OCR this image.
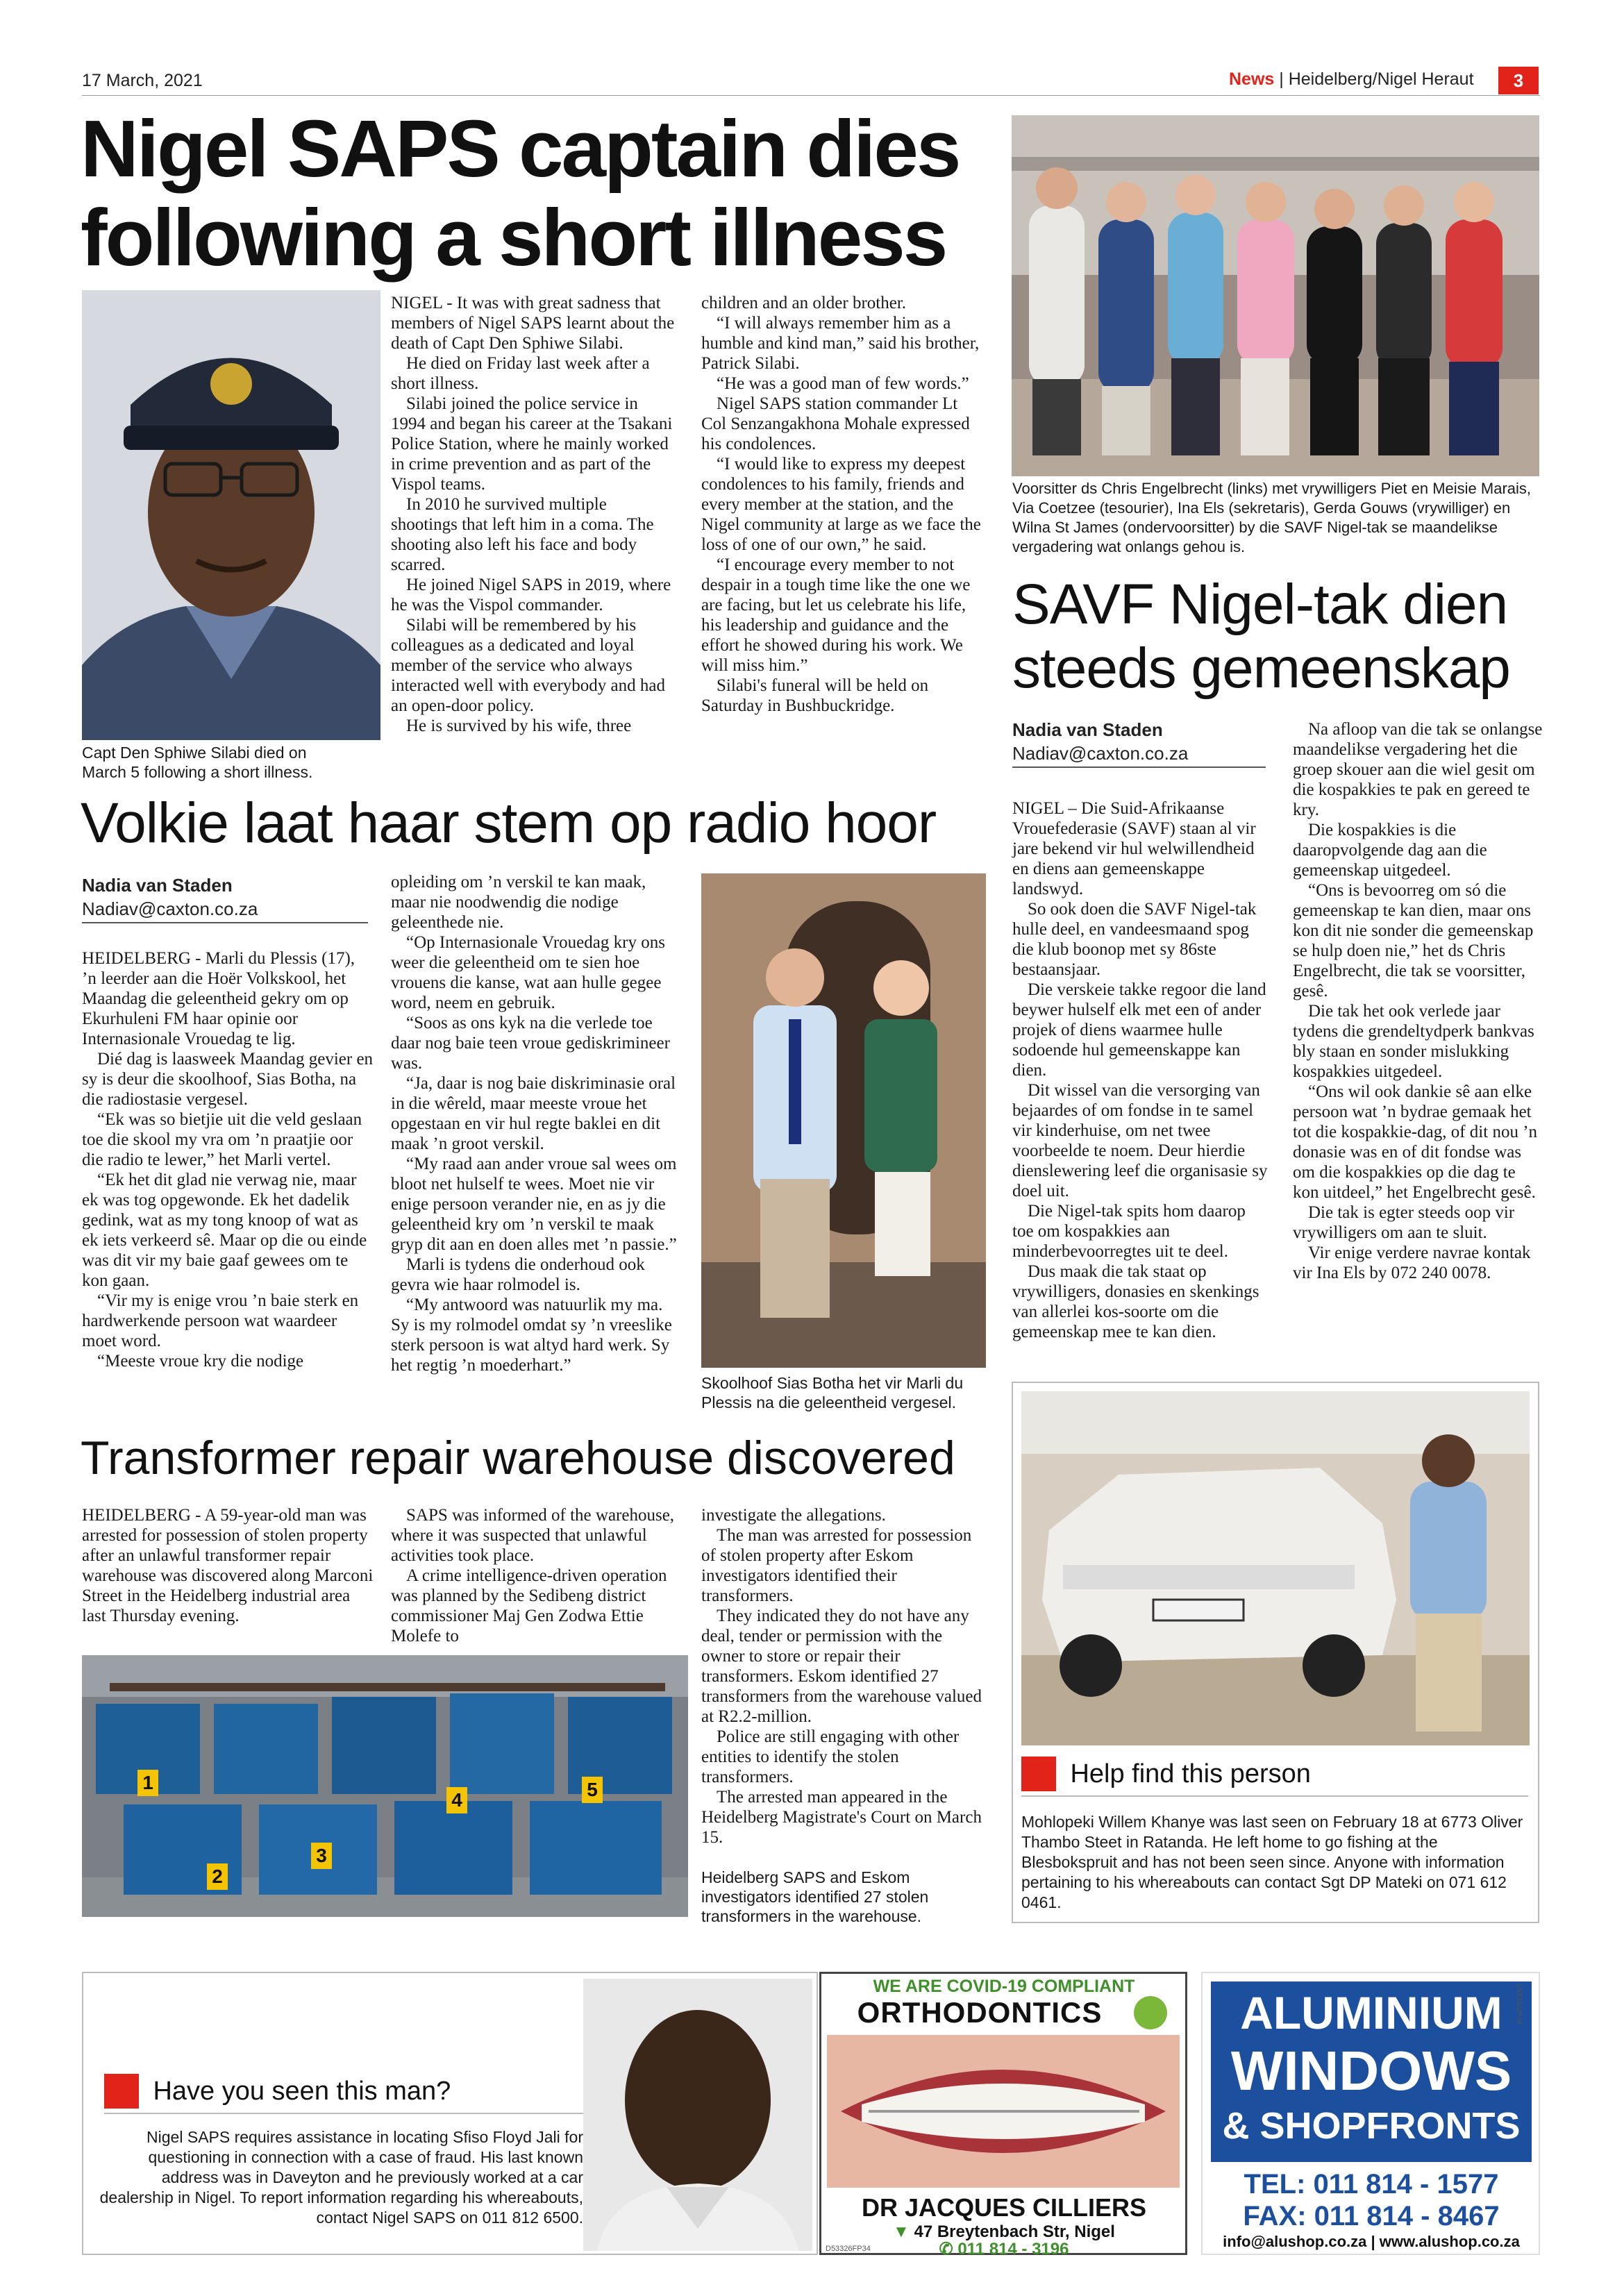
17 March, 2021	News | Heidelberg/Nigel Heraut	3
Nigel SAPS captain dies
following a short illness
Capt Den Sphiwe Silabi died on March 5 following a short illness.

NIGEL - It was with great sadness that members of Nigel SAPS learnt about the death of Capt Den Sphiwe Silabi.

He died on Friday last week after a short illness.

Silabi joined the police service in 1994 and began his career at the Tsakani Police Station, where he mainly worked in crime prevention and as part of the Vispol teams.

In 2010 he survived multiple shootings that left him in a coma. The shooting also left his face and body scarred.

He joined Nigel SAPS in 2019, where he was the Vispol commander.

Silabi will be remembered by his colleagues as a dedicated and loyal member of the service who always interacted well with everybody and had an open-door policy.

He is survived by his wife, three

children and an older brother.

“I will always remember him as a humble and kind man,” said his brother, Patrick Silabi.

“He was a good man of few words.”

Nigel SAPS station commander Lt Col Senzangakhona Mohale expressed his condolences.

“I would like to express my deepest condolences to his family, friends and every member at the station, and the Nigel community at large as we face the loss of one of our own,” he said.

“I encourage every member to not despair in a tough time like the one we are facing, but let us celebrate his life, his leadership and guidance and the effort he showed during his work. We will miss him.”

Silabi's funeral will be held on Saturday in Bushbuckridge.

Voorsitter ds Chris Engelbrecht (links) met vrywilligers Piet en Meisie Marais, Via Coetzee (tesourier), Ina Els (sekretaris), Gerda Gouws (vrywilliger) en Wilna St James (ondervoorsitter) by die SAVF Nigel-tak se maandelikse vergadering wat onlangs gehou is.
SAVF Nigel-tak dien
steeds gemeenskap
Nadia van Staden
Nadiav@caxton.co.za

NIGEL – Die Suid-Afrikaanse Vrouefederasie (SAVF) staan al vir jare bekend vir hul welwillendheid en diens aan gemeenskappe landswyd.

So ook doen die SAVF Nigel-tak hulle deel, en vandeesmaand spog die klub boonop met sy 86ste bestaansjaar.

Die verskeie takke regoor die land beywer hulself elk met een of ander projek of diens waarmee hulle sodoende hul gemeenskappe kan dien.

Dit wissel van die versorging van bejaardes of om fondse in te samel vir kinderhuise, om net twee voorbeelde te noem. Deur hierdie dienslewering leef die organisasie sy doel uit.

Die Nigel-tak spits hom daarop toe om kospakkies aan minderbevoorregtes uit te deel.

Dus maak die tak staat op vrywilligers, donasies en skenkings van allerlei kos-soorte om die gemeenskap mee te kan dien.

Na afloop van die tak se onlangse maandelikse vergadering het die groep skouer aan die wiel gesit om die kospakkies te pak en gereed te kry.

Die kospakkies is die daaropvolgende dag aan die gemeenskap uitgedeel.

“Ons is bevoorreg om só die gemeenskap te kan dien, maar ons kon dit nie sonder die gemeenskap se hulp doen nie,” het ds Chris Engelbrecht, die tak se voorsitter, gesê.

Die tak het ook verlede jaar tydens die grendeltydperk bankvas bly staan en sonder mislukking kospakkies uitgedeel.

“Ons wil ook dankie sê aan elke persoon wat ’n bydrae gemaak het tot die kospakkie-dag, of dit nou ’n donasie was en of dit fondse was om die kospakkies op die dag te kon uitdeel,” het Engelbrecht gesê.

Die tak is egter steeds oop vir vrywilligers om aan te sluit.

Vir enige verdere navrae kontak vir Ina Els by 072 240 0078.

Volkie laat haar stem op radio hoor
Nadia van Staden
Nadiav@caxton.co.za

HEIDELBERG - Marli du Plessis (17), ’n leerder aan die Hoër Volkskool, het Maandag die geleentheid gekry om op Ekurhuleni FM haar opinie oor Internasionale Vrouedag te lig.

Dié dag is laasweek Maandag gevier en sy is deur die skoolhoof, Sias Botha, na die radiostasie vergesel.

“Ek was so bietjie uit die veld geslaan toe die skool my vra om ’n praatjie oor die radio te lewer,” het Marli vertel.

“Ek het dit glad nie verwag nie, maar ek was tog opgewonde. Ek het dadelik gedink, wat as my tong knoop of wat as ek iets verkeerd sê. Maar op die ou einde was dit vir my baie gaaf gewees om te kon gaan.

“Vir my is enige vrou ’n baie sterk en hardwerkende persoon wat waardeer moet word.

“Meeste vroue kry die nodige

opleiding om ’n verskil te kan maak, maar nie noodwendig die nodige geleenthede nie.

“Op Internasionale Vrouedag kry ons weer die geleentheid om te sien hoe vrouens die kanse, wat aan hulle gegee word, neem en gebruik.

“Soos as ons kyk na die verlede toe daar nog baie teen vroue gediskrimineer was.

“Ja, daar is nog baie diskriminasie oral in die wêreld, maar meeste vroue het opgestaan en vir hul regte baklei en dit maak ’n groot verskil.

“My raad aan ander vroue sal wees om bloot net hulself te wees. Moet nie vir enige persoon verander nie, en as jy die geleentheid kry om ’n verskil te maak gryp dit aan en doen alles met ’n passie.”

Marli is tydens die onderhoud ook gevra wie haar rolmodel is.

“My antwoord was natuurlik my ma. Sy is my rolmodel omdat sy ’n vreeslike sterk persoon is wat altyd hard werk. Sy het regtig ’n moederhart.”

Skoolhoof Sias Botha het vir Marli du Plessis na die geleentheid vergesel.
Transformer repair warehouse discovered

HEIDELBERG - A 59-year-old man was arrested for possession of stolen property after an unlawful transformer repair warehouse was discovered along Marconi Street in the Heidelberg industrial area last Thursday evening.

SAPS was informed of the warehouse, where it was suspected that unlawful activities took place.

A crime intelligence-driven operation was planned by the Sedibeng district commissioner Maj Gen Zodwa Ettie Molefe to

investigate the allegations.

The man was arrested for possession of stolen property after Eskom investigators identified their transformers.

They indicated they do not have any deal, tender or permission with the owner to store or repair their transformers. Eskom identified 27 transformers from the warehouse valued at R2.2-million.

Police are still engaging with other entities to identify the stolen transformers.

The arrested man appeared in the Heidelberg Magistrate's Court on March 15.

1
2
3
4	5
Heidelberg SAPS and Eskom investigators identified 27 stolen transformers in the warehouse.
Help find this person
Mohlopeki Willem Khanye was last seen on February 18 at 6773 Oliver Thambo Steet in Ratanda. He left home to go fishing at the Blesbokspruit and has not been seen since. Anyone with information pertaining to his whereabouts can contact Sgt DP Mateki on 071 612 0461.
Have you seen this man?
Nigel SAPS requires assistance in locating Sfiso Floyd Jali for questioning in connection with a case of fraud. His last known address was in Daveyton and he previously worked at a car dealership in Nigel. To report information regarding his whereabouts, contact Nigel SAPS on 011 812 6500.
WE ARE COVID-19 COMPLIANT
ORTHODONTICS
DR JACQUES CILLIERS
▼ 47 Breytenbach Str, Nigel
✆ 011 814 - 3196
D53326FP34
ALUMINIUM
WINDOWS
& SHOPFRONTS
LS53322P34
TEL: 011 814 - 1577
FAX: 011 814 - 8467
info@alushop.co.za | www.alushop.co.za
